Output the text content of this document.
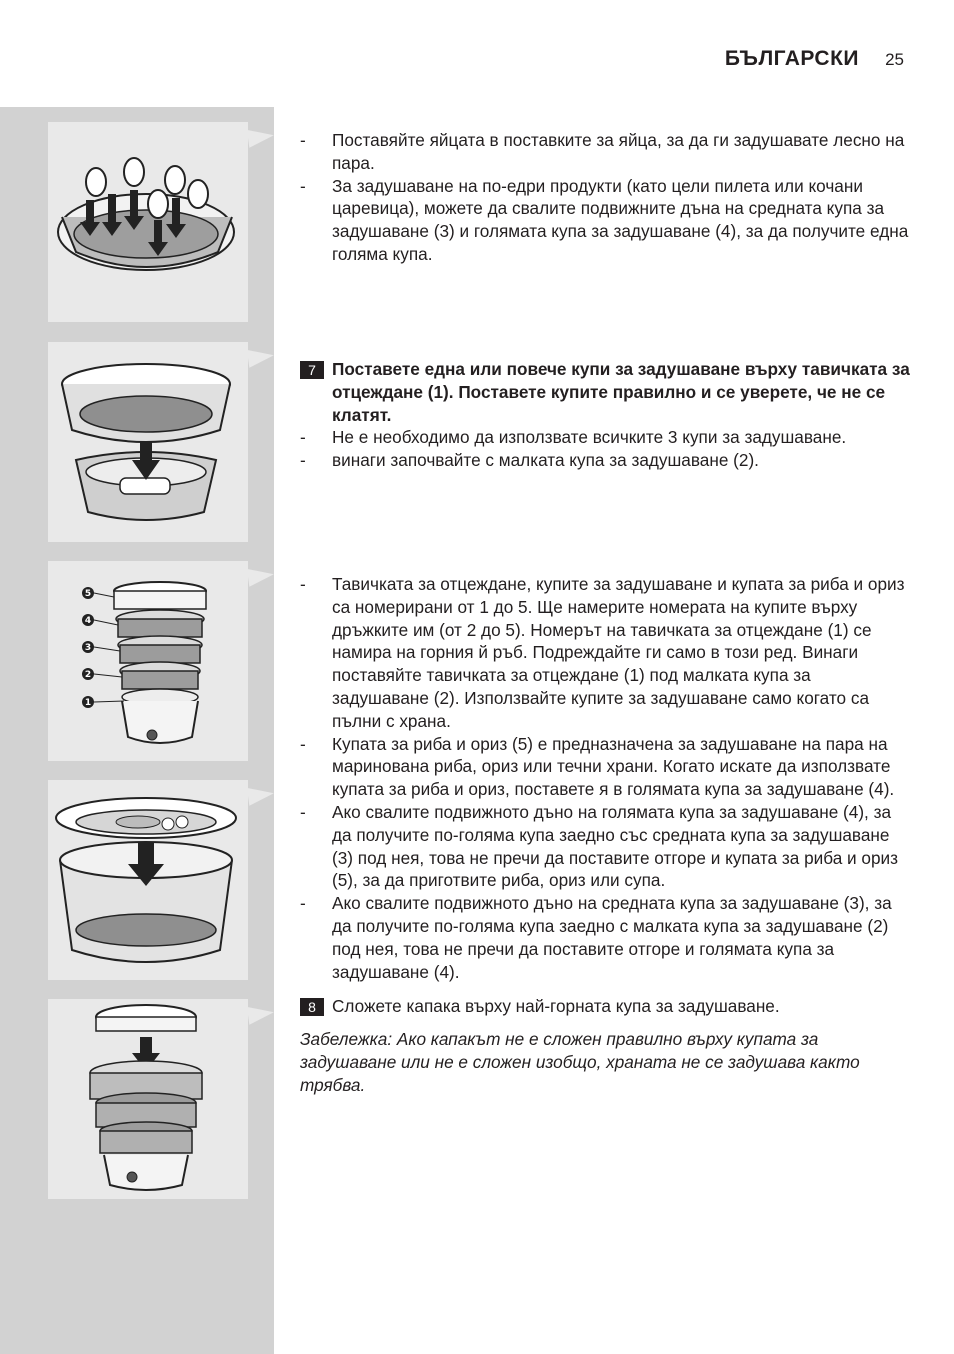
БЪЛГАРСКИ 25
5
4
3
2
1
- Поставяйте яйцата в поставките за яйца, за да ги задушавате лесно на пара.
- За задушаване на по-едри продукти (като цели пилета или кочани царевица), можете да свалите подвижните дъна на средната купа за задушаване (3) и голямата купа за задушаване (4), за да получите една голяма купа.
7 Поставете една или повече купи за задушаване върху тавичката за отцеждане (1). Поставете купите правилно и се уверете, че не се клатят.
- Не е необходимо да използвате всичките 3 купи за задушаване.
- винаги започвайте с малката купа за задушаване (2).
- Тавичката за отцеждане, купите за задушаване и купата за риба и ориз са номерирани от 1 до 5. Ще намерите номерата на купите върху дръжките им (от 2 до 5). Номерът на тавичката за отцеждане (1) се намира на горния й ръб. Подреждайте ги само в този ред. Винаги поставяйте тавичката за отцеждане (1) под малката купа за задушаване (2). Използвайте купите за задушаване само когато са пълни с храна.
- Купата за риба и ориз (5) е предназначена за задушаване на пара на маринована риба, ориз или течни храни. Когато искате да използвате купата за риба и ориз, поставете я в голямата купа за задушаване (4).
- Ако свалите подвижното дъно на голямата купа за задушаване (4), за да получите по-голяма купа заедно със средната купа за задушаване (3) под нея, това не пречи да поставите отгоре и купата за риба и ориз (5), за да приготвите риба, ориз или супа.
- Ако свалите подвижното дъно на средната купа за задушаване (3), за да получите по-голяма купа заедно с малката купа за задушаване (2) под нея, това не пречи да поставите отгоре и голямата купа за задушаване (4).
8 Сложете капака върху най-горната купа за задушаване.
Забележка: Ако капакът не е сложен правилно върху купата за задушаване или не е сложен изобщо, храната не се задушава както трябва.
